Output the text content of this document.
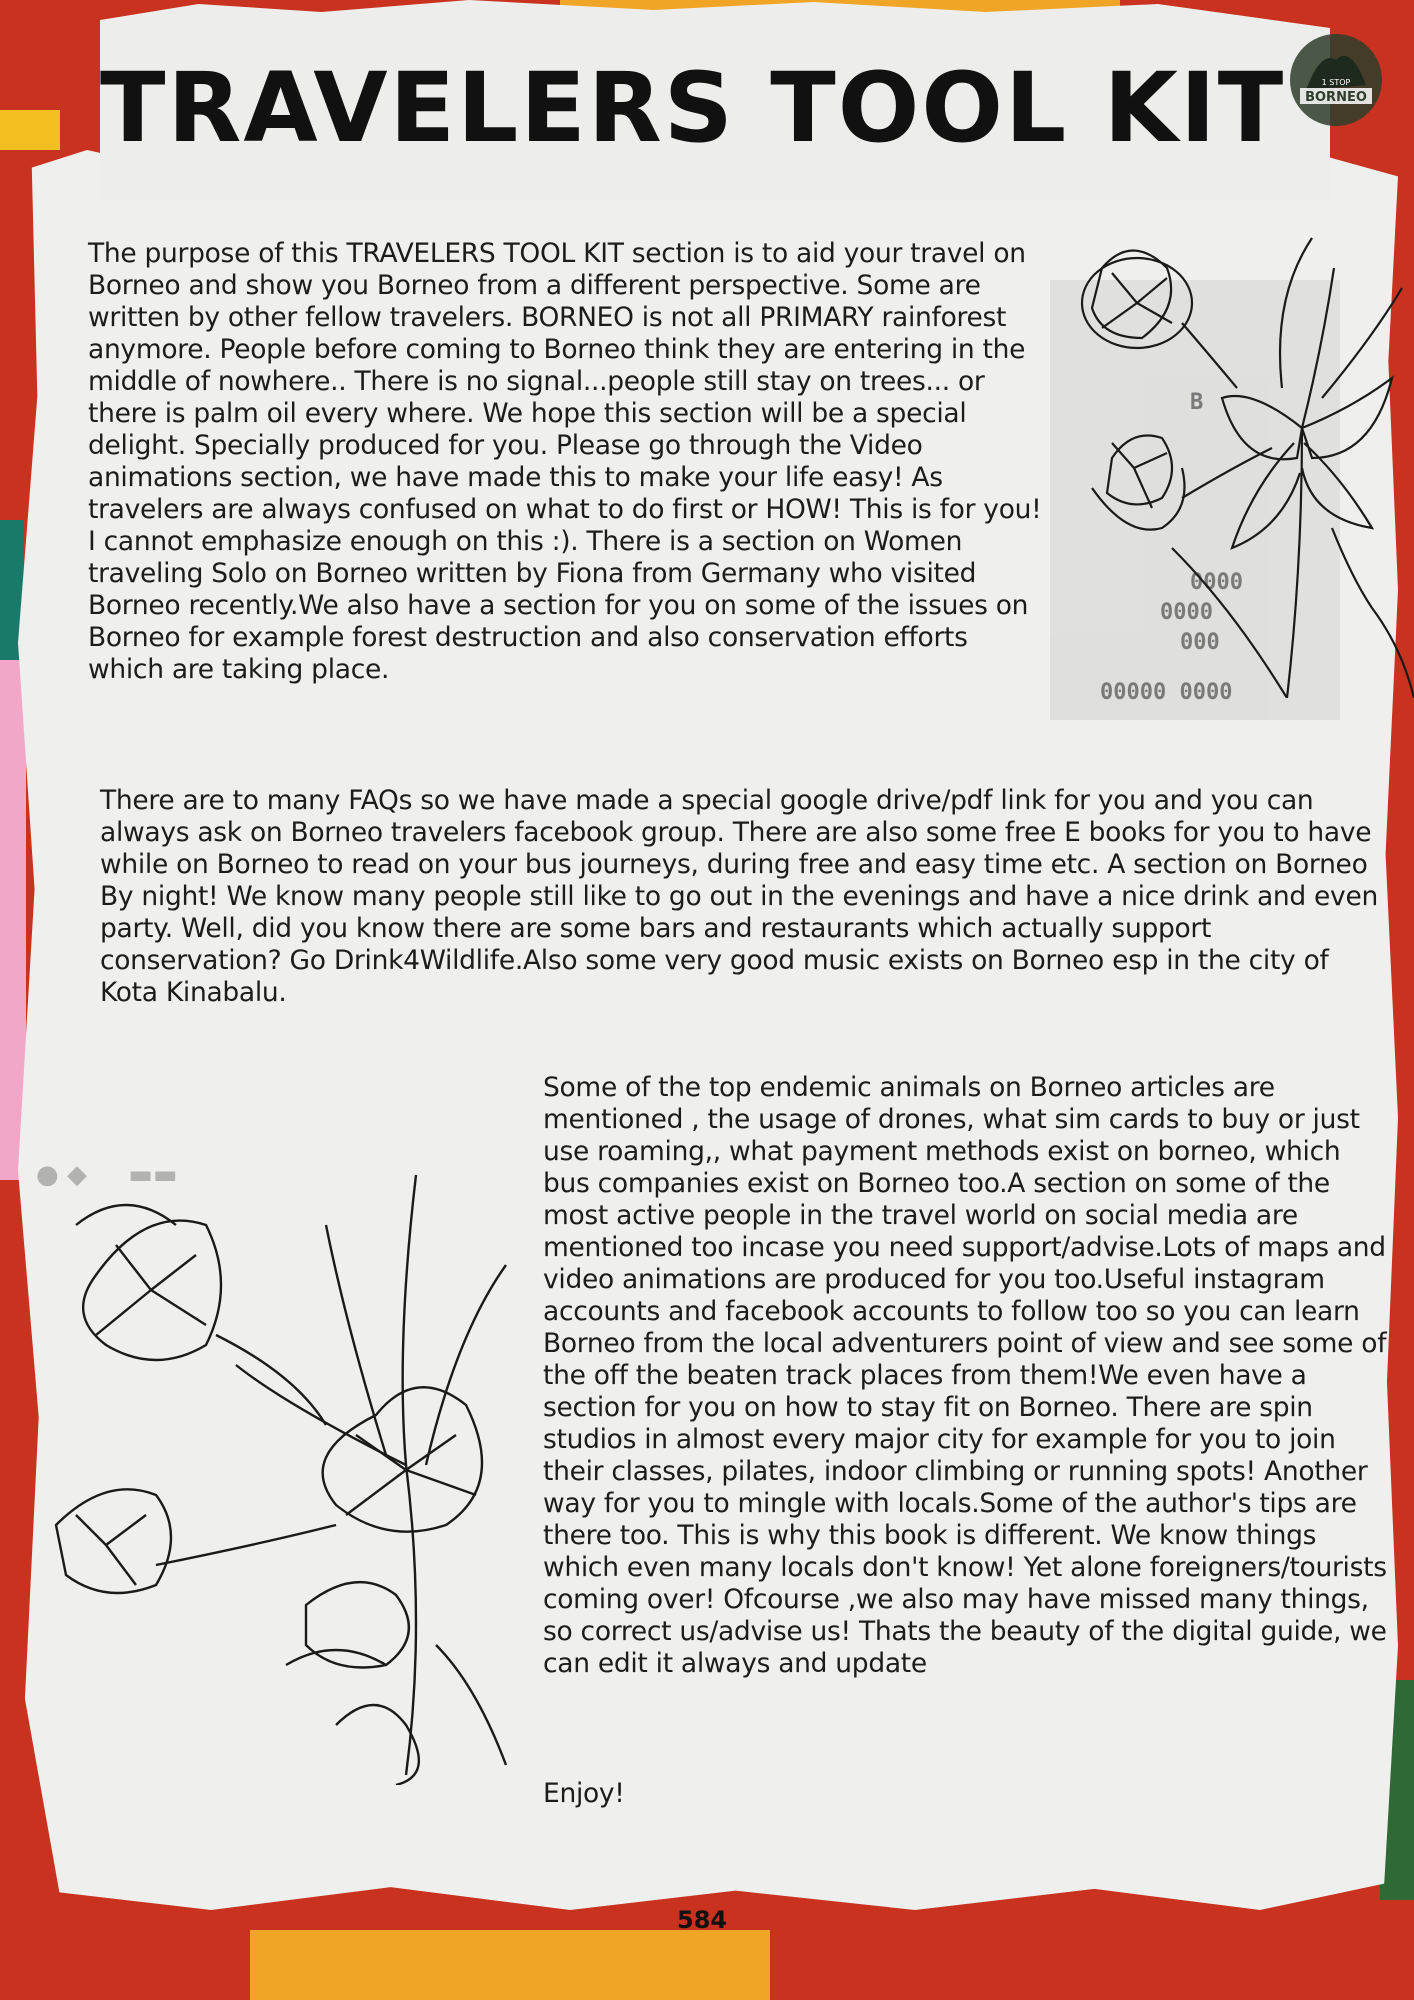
TRAVELERS TOOL KIT BORNEO
1 STOP
B
0000
0000
000
00000 0000

The purpose of this TRAVELERS TOOL KIT section is to aid your travel on Borneo and show you Borneo from a different perspective. Some are written by other fellow travelers. BORNEO is not all PRIMARY rainforest anymore. People before coming to Borneo think they are entering in the middle of nowhere.. There is no signal...people still stay on trees... or there is palm oil every where. We hope this section will be a special delight. Specially produced for you. Please go through the Video animations section, we have made this to make your life easy! As travelers are always confused on what to do first or HOW! This is for you! I cannot emphasize enough on this :). There is a section on Women traveling Solo on Borneo written by Fiona from Germany who visited Borneo recently.We also have a section for you on some of the issues on Borneo for example forest destruction and also conservation efforts which are taking place.

There are to many FAQs so we have made a special google drive/pdf link for you and you can always ask on Borneo travelers facebook group. There are also some free E books for you to have while on Borneo to read on your bus journeys, during free and easy time etc. A section on Borneo By night! We know many people still like to go out in the evenings and have a nice drink and even party. Well, did you know there are some bars and restaurants which actually support conservation? Go Drink4Wildlife.Also some very good music exists on Borneo esp in the city of Kota Kinabalu.

● ◆     ▬▬

Some of the top endemic animals on Borneo articles are mentioned , the usage of drones, what sim cards to buy or just use roaming,, what payment methods exist on borneo, which bus companies exist on Borneo too.A section on some of the most active people in the travel world on social media are mentioned too incase you need support/advise.Lots of maps and video animations are produced for you too.Useful instagram accounts and facebook accounts to follow too so you can learn Borneo from the local adventurers point of view and see some of the off the beaten track places from them!We even have a section for you on how to stay fit on Borneo. There are spin studios in almost every major city for example for you to join their classes, pilates, indoor climbing or running spots! Another way for you to mingle with locals.Some of the author's tips are there too. This is why this book is different. We know things which even many locals don't know! Yet alone foreigners/tourists coming over! Ofcourse ,we also may have missed many things, so correct us/advise us! Thats the beauty of the digital guide, we can edit it always and update

Enjoy!

584
